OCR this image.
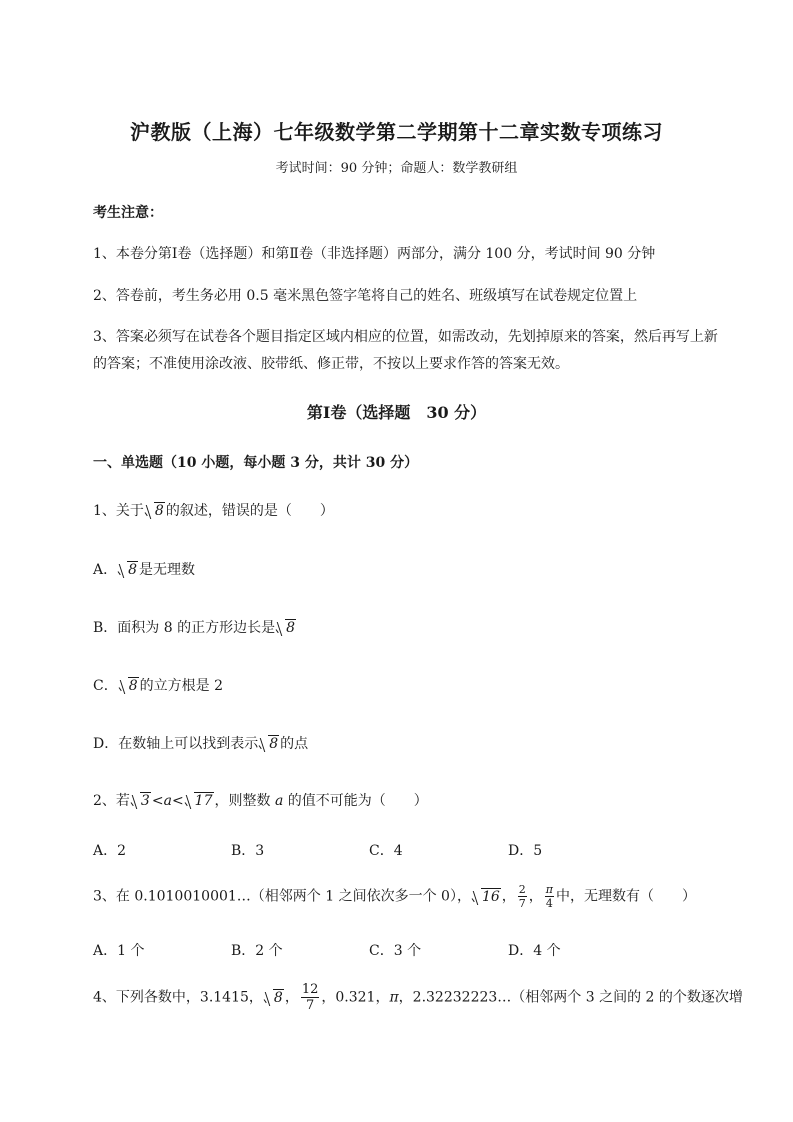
沪教版（上海）七年级数学第二学期第十二章实数专项练习
考试时间：90 分钟；命题人：数学教研组
考生注意：
1、本卷分第Ⅰ卷（选择题）和第Ⅱ卷（非选择题）两部分，满分 100 分，考试时间 90 分钟
2、答卷前，考生务必用 0.5 毫米黑色签字笔将自己的姓名、班级填写在试卷规定位置上
3、答案必须写在试卷各个题目指定区域内相应的位置，如需改动，先划掉原来的答案，然后再写上新
的答案；不准使用涂改液、胶带纸、修正带，不按以上要求作答的答案无效。
第Ⅰ卷（选择题　30 分）
一、单选题（10 小题，每小题 3 分，共计 30 分）
1、关于 8 的叙述，错误的是（　　）
A． 8 是无理数
B．面积为 8 的正方形边长是 8
C． 8 的立方根是 2
D．在数轴上可以找到表示 8 的点
2、若 3 <a< 17 ，则整数 a 的值不可能为（　　）
A．2	B．3	C．4	D．5
3、在 0.1010010001…（相邻两个 1 之间依次多一个 0）， 16 ， $\frac{2}{7}$ ， $\frac{\pi}{4}$ 中，无理数有（　　）
A．1 个	B．2 个	C．3 个	D．4 个
4、下列各数中，3.1415， 8 ， $\frac{12}{7}$ ，0.321，π，2.32232223…（相邻两个 3 之间的 2 的个数逐次增
